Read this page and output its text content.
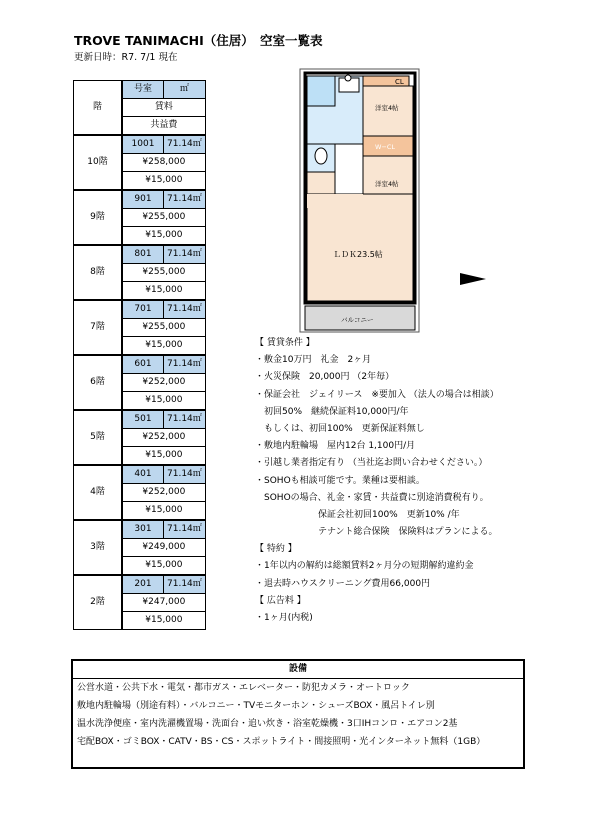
TROVE TANIMACHI（住居）　空室一覧表
更新日時：R7. 7/1 現在
階	号室	㎡
	賃料	
	共益費	
10階	1001	71.14㎡
	¥258,000	
	¥15,000	
9階	901	71.14㎡
	¥255,000	
	¥15,000	
8階	801	71.14㎡
	¥255,000	
	¥15,000	
7階	701	71.14㎡
	¥255,000	
	¥15,000	
6階	601	71.14㎡
	¥252,000	
	¥15,000	
5階	501	71.14㎡
	¥252,000	
	¥15,000	
4階	401	71.14㎡
	¥252,000	
	¥15,000	
3階	301	71.14㎡
	¥249,000	
	¥15,000	
2階	201	71.14㎡
	¥247,000	
	¥15,000	
CL
洋室4帖
W−CL
洋室4帖
ＬＤＫ23.5帖
バルコニー
【 賃貸条件 】
・敷金10万円　礼金　2ヶ月
・火災保険　20,000円 （2年毎）
・保証会社　ジェイリース　※要加入 （法人の場合は相談）
　初回50%　継続保証料10,000円/年
　もしくは、初回100%　更新保証料無し
・敷地内駐輪場　屋内12台 1,100円/月
・引越し業者指定有り （当社迄お問い合わせください。）
・SOHOも相談可能です。業種は要相談。
　SOHOの場合、礼金・家賃・共益費に別途消費税有り。
　　　　　　　保証会社初回100%　更新10% /年
　　　　　　　テナント総合保険　保険料はプランによる。
【 特約 】
・1年以内の解約は総額賃料2ヶ月分の短期解約違約金
・退去時ハウスクリーニング費用66,000円
【 広告料 】
・1ヶ月(内税)
設備
公営水道・公共下水・電気・都市ガス・エレベーター・防犯カメラ・オートロック
敷地内駐輪場（別途有料）・バルコニー・TVモニターホン・シューズBOX・風呂トイレ別
温水洗浄便座・室内洗濯機置場・洗面台・追い炊き・浴室乾燥機・3口IHコンロ・エアコン2基
宅配BOX・ゴミBOX・CATV・BS・CS・スポットライト・間接照明・光インターネット無料（1GB）
